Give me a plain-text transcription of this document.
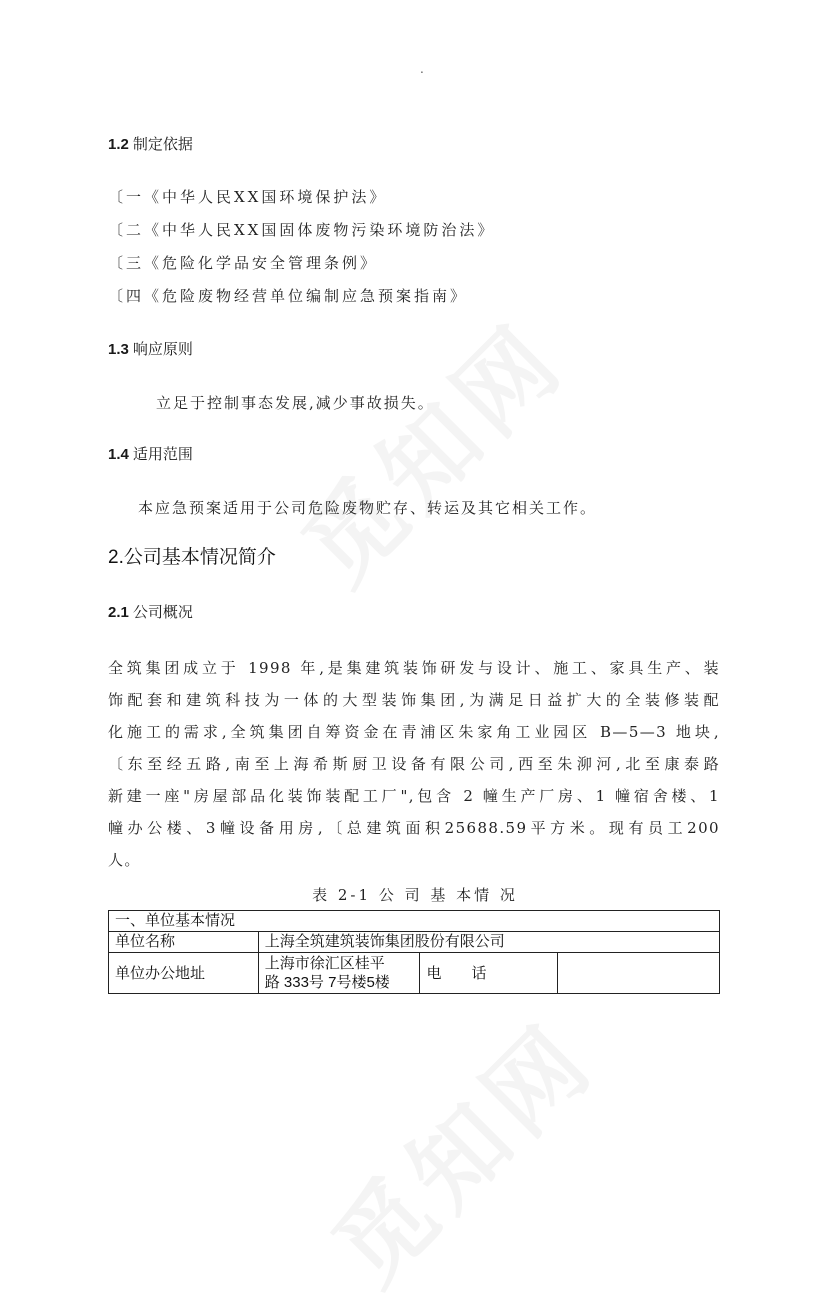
.
1.2 制定依据
〔一《中华人民XX国环境保护法》
〔二《中华人民XX国固体废物污染环境防治法》
〔三《危险化学品安全管理条例》
〔四《危险废物经营单位编制应急预案指南》
1.3 响应原则
立足于控制事态发展,减少事故损失。
1.4 适用范围
本应急预案适用于公司危险废物贮存、转运及其它相关工作。
2.公司基本情况简介
2.1 公司概况
全筑集团成立于 1998 年,是集建筑装饰研发与设计、施工、家具生产、装
饰配套和建筑科技为一体的大型装饰集团,为满足日益扩大的全装修装配
化施工的需求,全筑集团自筹资金在青浦区朱家角工业园区 B—5—3 地块,
〔东至经五路,南至上海希斯厨卫设备有限公司,西至朱泖河,北至康泰路
新建一座"房屋部品化装饰装配工厂",包含 2 幢生产厂房、1 幢宿舍楼、1
幢办公楼、3幢设备用房,〔总建筑面积25688.59平方米。现有员工200
人。
表 2-1 公 司 基 本情 况
一、单位基本情况			
单位名称	上海全筑建筑装饰集团股份有限公司		
单位办公地址	上海市徐汇区桂平
路 333号 7号楼5楼	电　　话	
